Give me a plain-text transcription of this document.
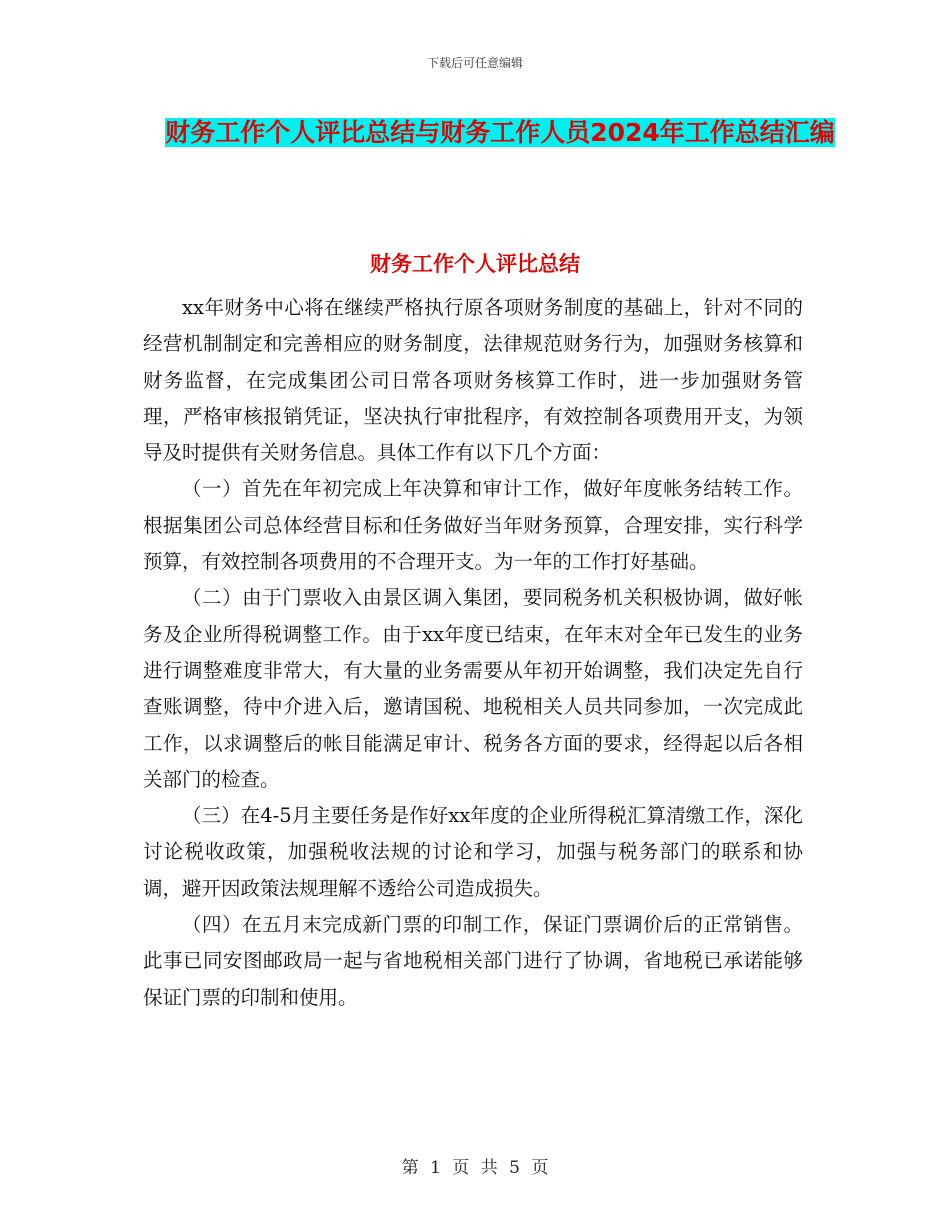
下载后可任意编辑
财务工作个人评比总结与财务工作人员2024年工作总结汇编
财务工作个人评比总结

xx年财务中心将在继续严格执行原各项财务制度的基础上，针对不同的经营机制制定和完善相应的财务制度，法律规范财务行为，加强财务核算和财务监督，在完成集团公司日常各项财务核算工作时，进一步加强财务管理，严格审核报销凭证，坚决执行审批程序，有效控制各项费用开支，为领导及时提供有关财务信息。具体工作有以下几个方面：

（一）首先在年初完成上年决算和审计工作，做好年度帐务结转工作。根据集团公司总体经营目标和任务做好当年财务预算，合理安排，实行科学预算，有效控制各项费用的不合理开支。为一年的工作打好基础。

（二）由于门票收入由景区调入集团，要同税务机关积极协调，做好帐务及企业所得税调整工作。由于xx年度已结束，在年末对全年已发生的业务进行调整难度非常大，有大量的业务需要从年初开始调整，我们决定先自行查账调整，待中介进入后，邀请国税、地税相关人员共同参加，一次完成此工作，以求调整后的帐目能满足审计、税务各方面的要求，经得起以后各相关部门的检查。

（三）在4-5月主要任务是作好xx年度的企业所得税汇算清缴工作，深化讨论税收政策，加强税收法规的讨论和学习，加强与税务部门的联系和协调，避开因政策法规理解不透给公司造成损失。

（四）在五月末完成新门票的印制工作，保证门票调价后的正常销售。此事已同安图邮政局一起与省地税相关部门进行了协调，省地税已承诺能够保证门票的印制和使用。

第 1 页 共 5 页
